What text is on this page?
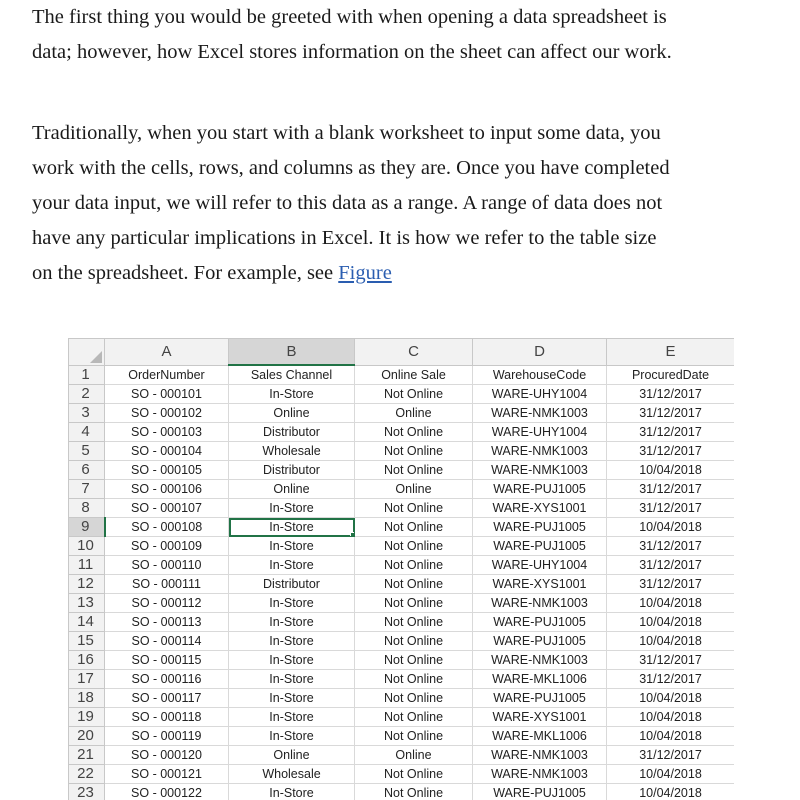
The first thing you would be greeted with when opening a data spreadsheet is
data; however, how Excel stores information on the sheet can affect our work.

Traditionally, when you start with a blank worksheet to input some data, you
work with the cells, rows, and columns as they are. Once you have completed
your data input, we will refer to this data as a range. A range of data does not
have any particular implications in Excel. It is how we refer to the table size
on the spreadsheet. For example, see Figure

	A	B	C	D	E
1	OrderNumber	Sales Channel	Online Sale	WarehouseCode	ProcuredDate
2	SO - 000101	In-Store	Not Online	WARE-UHY1004	31/12/2017
3	SO - 000102	Online	Online	WARE-NMK1003	31/12/2017
4	SO - 000103	Distributor	Not Online	WARE-UHY1004	31/12/2017
5	SO - 000104	Wholesale	Not Online	WARE-NMK1003	31/12/2017
6	SO - 000105	Distributor	Not Online	WARE-NMK1003	10/04/2018
7	SO - 000106	Online	Online	WARE-PUJ1005	31/12/2017
8	SO - 000107	In-Store	Not Online	WARE-XYS1001	31/12/2017
9	SO - 000108	In-Store	Not Online	WARE-PUJ1005	10/04/2018
10	SO - 000109	In-Store	Not Online	WARE-PUJ1005	31/12/2017
11	SO - 000110	In-Store	Not Online	WARE-UHY1004	31/12/2017
12	SO - 000111	Distributor	Not Online	WARE-XYS1001	31/12/2017
13	SO - 000112	In-Store	Not Online	WARE-NMK1003	10/04/2018
14	SO - 000113	In-Store	Not Online	WARE-PUJ1005	10/04/2018
15	SO - 000114	In-Store	Not Online	WARE-PUJ1005	10/04/2018
16	SO - 000115	In-Store	Not Online	WARE-NMK1003	31/12/2017
17	SO - 000116	In-Store	Not Online	WARE-MKL1006	31/12/2017
18	SO - 000117	In-Store	Not Online	WARE-PUJ1005	10/04/2018
19	SO - 000118	In-Store	Not Online	WARE-XYS1001	10/04/2018
20	SO - 000119	In-Store	Not Online	WARE-MKL1006	10/04/2018
21	SO - 000120	Online	Online	WARE-NMK1003	31/12/2017
22	SO - 000121	Wholesale	Not Online	WARE-NMK1003	10/04/2018
23	SO - 000122	In-Store	Not Online	WARE-PUJ1005	10/04/2018
